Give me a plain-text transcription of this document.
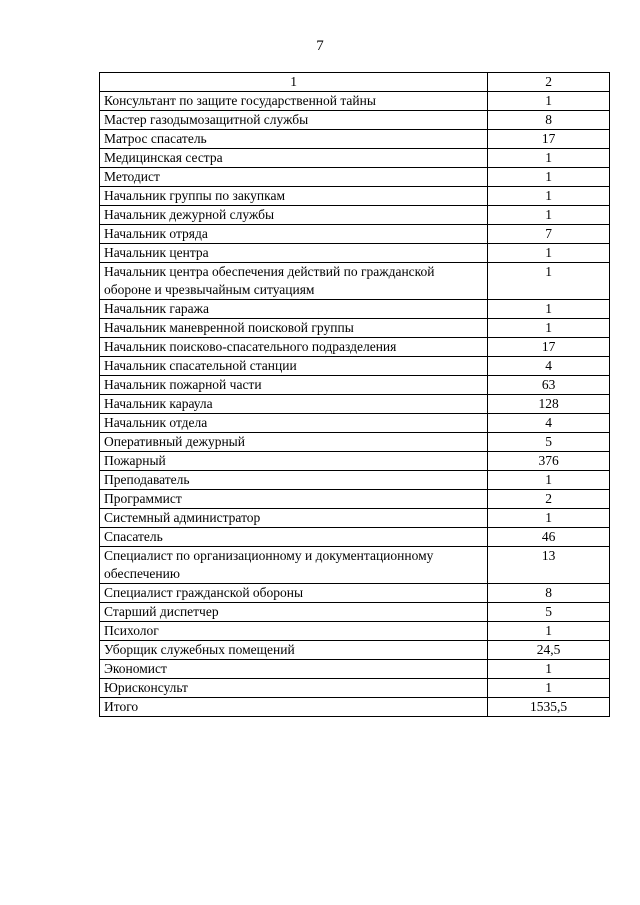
7
1	2
Консультант по защите государственной тайны	1
Мастер газодымозащитной службы	8
Матрос спасатель	17
Медицинская сестра	1
Методист	1
Начальник группы по закупкам	1
Начальник дежурной службы	1
Начальник отряда	7
Начальник центра	1
Начальник центра обеспечения действий по гражданской обороне и чрезвычайным ситуациям	1
Начальник гаража	1
Начальник маневренной поисковой группы	1
Начальник поисково-спасательного подразделения	17
Начальник спасательной станции	4
Начальник пожарной части	63
Начальник караула	128
Начальник отдела	4
Оперативный дежурный	5
Пожарный	376
Преподаватель	1
Программист	2
Системный администратор	1
Спасатель	46
Специалист по организационному и документационному обеспечению	13
Специалист гражданской обороны	8
Старший диспетчер	5
Психолог	1
Уборщик служебных помещений	24,5
Экономист	1
Юрисконсульт	1
Итого	1535,5
